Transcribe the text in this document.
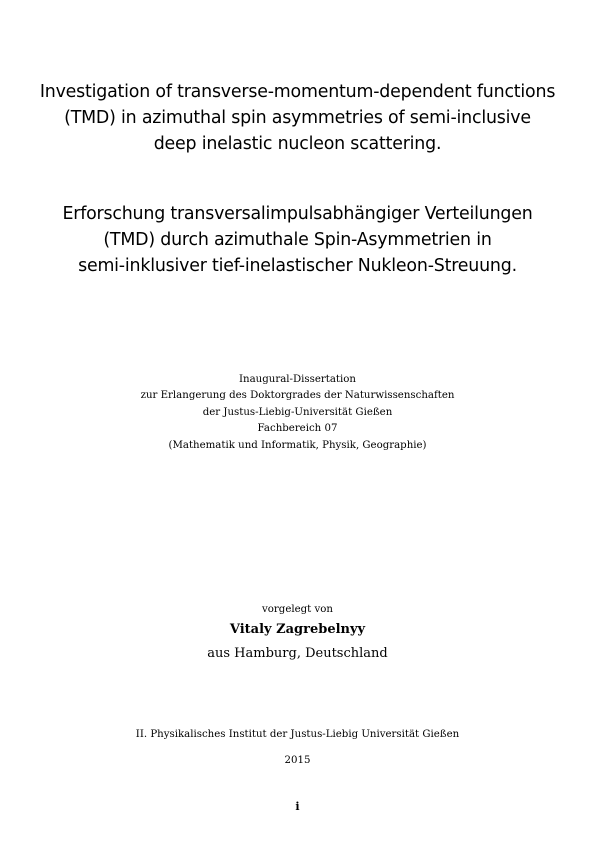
Investigation of transverse-momentum-dependent functions
(TMD) in azimuthal spin asymmetries of semi-inclusive
deep inelastic nucleon scattering.
Erforschung transversalimpulsabhängiger Verteilungen
(TMD) durch azimuthale Spin-Asymmetrien in
semi-inklusiver tief-inelastischer Nukleon-Streuung.
Inaugural-Dissertation
zur Erlangerung des Doktorgrades der Naturwissenschaften
der Justus-Liebig-Universität Gießen
Fachbereich 07
(Mathematik und Informatik, Physik, Geographie)
vorgelegt von
Vitaly Zagrebelnyy
aus Hamburg, Deutschland
II. Physikalisches Institut der Justus-Liebig Universität Gießen
2015
i
